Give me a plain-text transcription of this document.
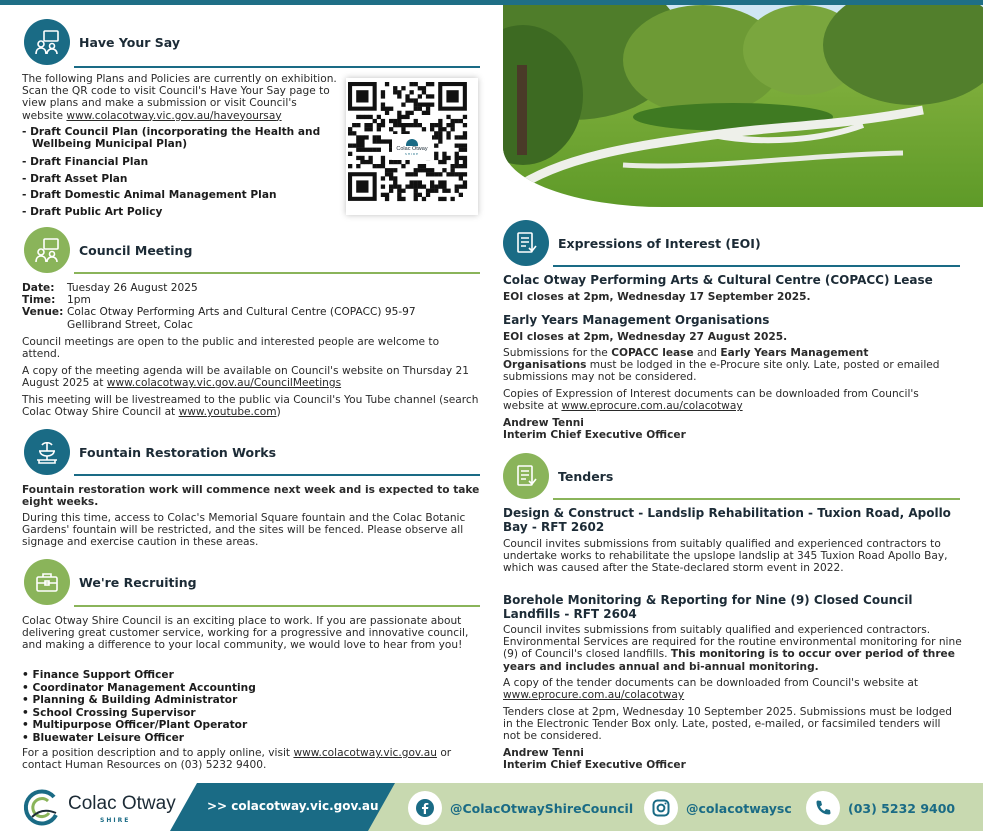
Have Your Say
The following Plans and Policies are currently on exhibition. Scan the QR code to visit Council's Have Your Say page to view plans and make a submission or visit Council's website www.colacotway.vic.gov.au/haveyoursay
- Draft Council Plan (incorporating the Health and
Wellbeing Municipal Plan)
- Draft Financial Plan
- Draft Asset Plan
- Draft Domestic Animal Management Plan
- Draft Public Art Policy
Colac Otway
SHIRE
Council Meeting
Date:	Tuesday 26 August 2025
Time:	1pm
Venue: Colac Otway Performing Arts and Cultural Centre (COPACC) 95-97 Gellibrand Street, Colac
Council meetings are open to the public and interested people are welcome to attend.
A copy of the meeting agenda will be available on Council's website on Thursday 21 August 2025 at www.colacotway.vic.gov.au/CouncilMeetings
This meeting will be livestreamed to the public via Council's You Tube channel (search Colac Otway Shire Council at www.youtube.com)
Fountain Restoration Works
Fountain restoration work will commence next week and is expected to take eight weeks.
During this time, access to Colac's Memorial Square fountain and the Colac Botanic Gardens' fountain will be restricted, and the sites will be fenced. Please observe all signage and exercise caution in these areas.
We're Recruiting
Colac Otway Shire Council is an exciting place to work. If you are passionate about delivering great customer service, working for a progressive and innovative council, and making a difference to your local community, we would love to hear from you!
• Finance Support Officer
• Coordinator Management Accounting
• Planning & Building Administrator
• School Crossing Supervisor
• Multipurpose Officer/Plant Operator
• Bluewater Leisure Officer
For a position description and to apply online, visit www.colacotway.vic.gov.au or contact Human Resources on (03) 5232 9400.
Expressions of Interest (EOI)
Colac Otway Performing Arts & Cultural Centre (COPACC) Lease
EOI closes at 2pm, Wednesday 17 September 2025.
Early Years Management Organisations
EOI closes at 2pm, Wednesday 27 August 2025.
Submissions for the COPACC lease and Early Years Management Organisations must be lodged in the e-Procure site only. Late, posted or emailed submissions may not be considered.
Copies of Expression of Interest documents can be downloaded from Council's website at www.eprocure.com.au/colacotway
Andrew Tenni
Interim Chief Executive Officer
Tenders
Design & Construct - Landslip Rehabilitation - Tuxion Road, Apollo Bay - RFT 2602
Council invites submissions from suitably qualified and experienced contractors to undertake works to rehabilitate the upslope landslip at 345 Tuxion Road Apollo Bay, which was caused after the State-declared storm event in 2022.
Borehole Monitoring & Reporting for Nine (9) Closed Council Landfills - RFT 2604
Council invites submissions from suitably qualified and experienced contractors. Environmental Services are required for the routine environmental monitoring for nine (9) of Council's closed landfills. This monitoring is to occur over period of three years and includes annual and bi-annual monitoring.
A copy of the tender documents can be downloaded from Council's website at www.eprocure.com.au/colacotway
Tenders close at 2pm, Wednesday 10 September 2025. Submissions must be lodged in the Electronic Tender Box only. Late, posted, e-mailed, or facsimiled tenders will not be considered.
Andrew Tenni
Interim Chief Executive Officer
Colac Otway
SHIRE
>> colacotway.vic.gov.au	@ColacOtwayShireCouncil	@colacotwaysc	(03) 5232 9400
